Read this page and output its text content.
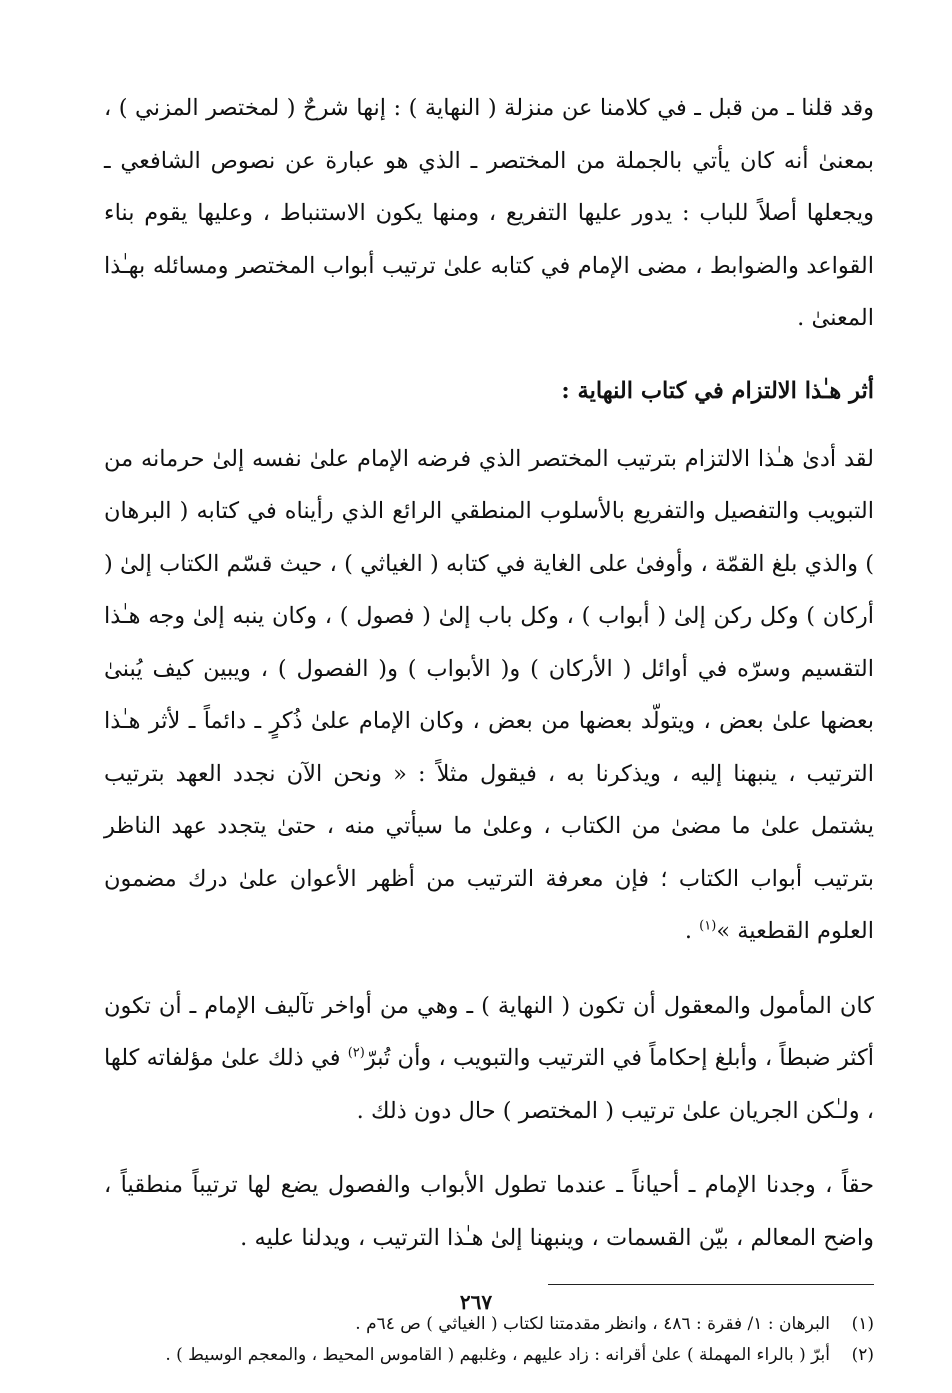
وقد قلنا ـ من قبل ـ في كلامنا عن منزلة ( النهاية ) : إنها شرحٌ ( لمختصر المزني ) ، بمعنىٰ أنه كان يأتي بالجملة من المختصر ـ الذي هو عبارة عن نصوص الشافعي ـ ويجعلها أصلاً للباب : يدور عليها التفريع ، ومنها يكون الاستنباط ، وعليها يقوم بناء القواعد والضوابط ، مضى الإمام في كتابه علىٰ ترتيب أبواب المختصر ومسائله بهـٰذا المعنىٰ .

أثر هـٰذا الالتزام في كتاب النهاية :

لقد أدىٰ هـٰذا الالتزام بترتيب المختصر الذي فرضه الإمام علىٰ نفسه إلىٰ حرمانه من التبويب والتفصيل والتفريع بالأسلوب المنطقي الرائع الذي رأيناه في كتابه ( البرهان ) والذي بلغ القمّة ، وأوفىٰ على الغاية في كتابه ( الغياثي ) ، حيث قسّم الكتاب إلىٰ ( أركان ) وكل ركن إلىٰ ( أبواب ) ، وكل باب إلىٰ ( فصول ) ، وكان ينبه إلىٰ وجه هـٰذا التقسيم وسرّه في أوائل ( الأركان ) و( الأبواب ) و( الفصول ) ، ويبين كيف يُبنىٰ بعضها علىٰ بعض ، ويتولّد بعضها من بعض ، وكان الإمام علىٰ ذُكرٍ ـ دائماً ـ لأثر هـٰذا الترتيب ، ينبهنا إليه ، ويذكرنا به ، فيقول مثلاً : « ونحن الآن نجدد العهد بترتيب يشتمل علىٰ ما مضىٰ من الكتاب ، وعلىٰ ما سيأتي منه ، حتىٰ يتجدد عهد الناظر بترتيب أبواب الكتاب ؛ فإن معرفة الترتيب من أظهر الأعوان علىٰ درك مضمون العلوم القطعية »$^{(١)}$ .

كان المأمول والمعقول أن تكون ( النهاية ) ـ وهي من أواخر تآليف الإمام ـ أن تكون أكثر ضبطاً ، وأبلغ إحكاماً في الترتيب والتبويب ، وأن تُبرّ$^{(٢)}$ في ذلك علىٰ مؤلفاته كلها ، ولـٰكن الجريان علىٰ ترتيب ( المختصر ) حال دون ذلك .

حقاً ، وجدنا الإمام ـ أحياناً ـ عندما تطول الأبواب والفصول يضع لها ترتيباً منطقياً ، واضح المعالم ، بيّن القسمات ، وينبهنا إلىٰ هـٰذا الترتيب ، ويدلنا عليه .

(١)
البرهان : ١/ فقرة : ٤٨٦ ، وانظر مقدمتنا لكتاب ( الغياثي ) ص ٦٤م .
(٢)
أبرّ ( بالراء المهملة ) علىٰ أقرانه : زاد عليهم ، وغلبهم ( القاموس المحيط ، والمعجم الوسيط ) .
٢٦٧
